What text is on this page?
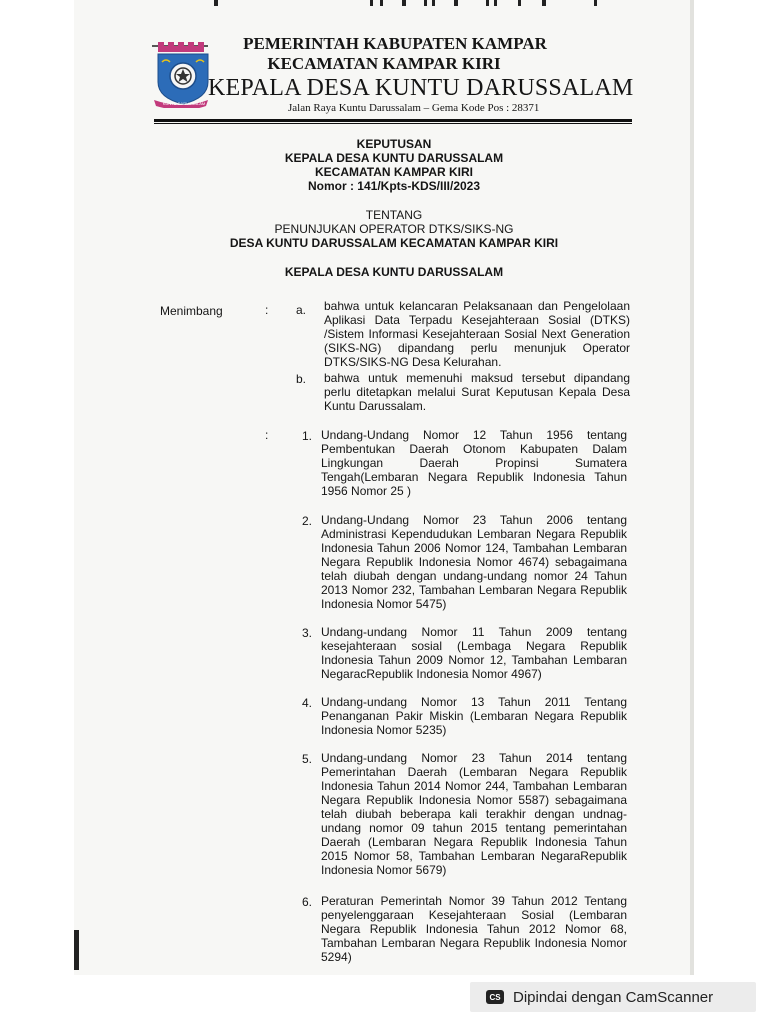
KUNTU DARUSSALAM
PEMERINTAH KABUPATEN KAMPAR
KECAMATAN KAMPAR KIRI
KEPALA DESA KUNTU DARUSSALAM
Jalan Raya Kuntu Darussalam – Gema Kode Pos : 28371
KEPUTUSAN
KEPALA DESA KUNTU DARUSSALAM
KECAMATAN KAMPAR KIRI
Nomor : 141/Kpts-KDS/III/2023
TENTANG
PENUNJUKAN OPERATOR DTKS/SIKS-NG
DESA KUNTU DARUSSALAM KECAMATAN KAMPAR KIRI
KEPALA DESA KUNTU DARUSSALAM
Menimbang	: a. bahwa untuk kelancaran Pelaksanaan dan Pengelolaan Aplikasi Data Terpadu Kesejahteraan Sosial (DTKS) /Sistem Informasi Kesejahteraan Sosial Next Generation (SIKS-NG) dipandang perlu menunjuk Operator DTKS/SIKS-NG Desa Kelurahan.
b. bahwa untuk memenuhi maksud tersebut dipandang perlu ditetapkan melalui Surat Keputusan Kepala Desa Kuntu Darussalam.
:	1. Undang-Undang Nomor 12 Tahun 1956 tentang Pembentukan Daerah Otonom Kabupaten Dalam Lingkungan Daerah Propinsi Sumatera Tengah(Lembaran Negara Republik Indonesia Tahun 1956 Nomor 25 )
2. Undang-Undang Nomor 23 Tahun 2006 tentang Administrasi Kependudukan Lembaran Negara Republik Indonesia Tahun 2006 Nomor 124, Tambahan Lembaran Negara Republik Indonesia Nomor 4674) sebagaimana telah diubah dengan undang-undang nomor 24 Tahun 2013 Nomor 232, Tambahan Lembaran Negara Republik Indonesia Nomor 5475)
3. Undang-undang Nomor 11 Tahun 2009 tentang kesejahteraan sosial (Lembaga Negara Republik Indonesia Tahun 2009 Nomor 12, Tambahan Lembaran NegaracRepublik Indonesia Nomor 4967)
4. Undang-undang Nomor 13 Tahun 2011 Tentang Penanganan Pakir Miskin (Lembaran Negara Republik Indonesia Nomor 5235)
5. Undang-undang Nomor 23 Tahun 2014 tentang Pemerintahan Daerah (Lembaran Negara Republik Indonesia Tahun 2014 Nomor 244, Tambahan Lembaran Negara Republik Indonesia Nomor 5587) sebagaimana telah diubah beberapa kali terakhir dengan undnag-undang nomor 09 tahun 2015 tentang pemerintahan Daerah (Lembaran Negara Republik Indonesia Tahun 2015 Nomor 58, Tambahan Lembaran NegaraRepublik Indonesia Nomor 5679)
6. Peraturan Pemerintah Nomor 39 Tahun 2012 Tentang penyelenggaraan Kesejahteraan Sosial (Lembaran Negara Republik Indonesia Tahun 2012 Nomor 68, Tambahan Lembaran Negara Republik Indonesia Nomor 5294)
CS Dipindai dengan CamScanner
